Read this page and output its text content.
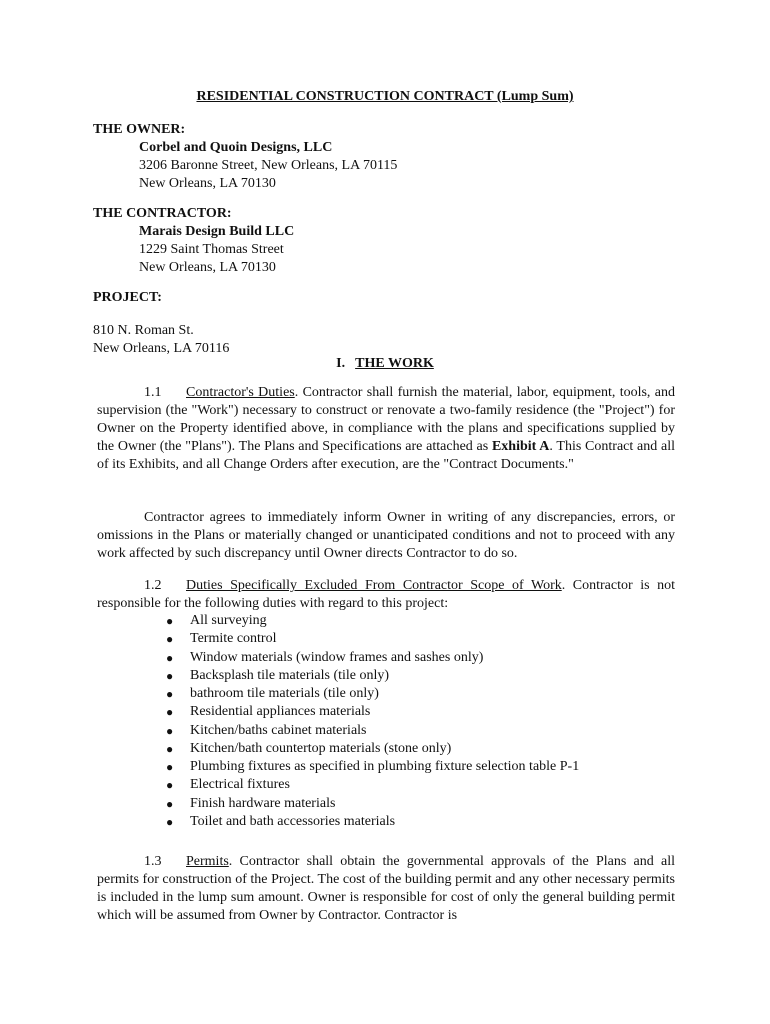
RESIDENTIAL CONSTRUCTION CONTRACT (Lump Sum)
THE OWNER:
Corbel and Quoin Designs, LLC
3206 Baronne Street, New Orleans, LA 70115
New Orleans, LA 70130
THE CONTRACTOR:
Marais Design Build LLC
1229 Saint Thomas Street
New Orleans, LA 70130
PROJECT:
810 N. Roman St.
New Orleans, LA 70116
I. THE WORK
1.1 Contractor's Duties. Contractor shall furnish the material, labor, equipment, tools, and supervision (the "Work") necessary to construct or renovate a two-family residence (the "Project") for Owner on the Property identified above, in compliance with the plans and specifications supplied by the Owner (the "Plans"). The Plans and Specifications are attached as Exhibit A. This Contract and all of its Exhibits, and all Change Orders after execution, are the "Contract Documents."
Contractor agrees to immediately inform Owner in writing of any discrepancies, errors, or omissions in the Plans or materially changed or unanticipated conditions and not to proceed with any work affected by such discrepancy until Owner directs Contractor to do so.
1.2 Duties Specifically Excluded From Contractor Scope of Work. Contractor is not responsible for the following duties with regard to this project:
● All surveying
● Termite control
● Window materials (window frames and sashes only)
● Backsplash tile materials (tile only)
● bathroom tile materials (tile only)
● Residential appliances materials
● Kitchen/baths cabinet materials
● Kitchen/bath countertop materials (stone only)
● Plumbing fixtures as specified in plumbing fixture selection table P-1
● Electrical fixtures
● Finish hardware materials
● Toilet and bath accessories materials
1.3 Permits. Contractor shall obtain the governmental approvals of the Plans and all permits for construction of the Project. The cost of the building permit and any other necessary permits is included in the lump sum amount. Owner is responsible for cost of only the general building permit which will be assumed from Owner by Contractor. Contractor is
